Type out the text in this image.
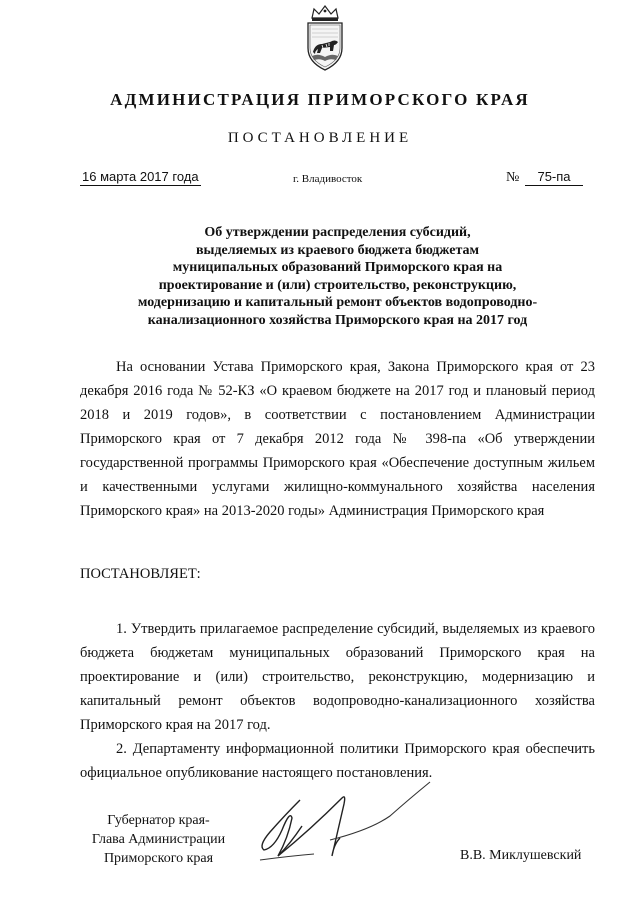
АДМИНИСТРАЦИЯ ПРИМОРСКОГО КРАЯ
ПОСТАНОВЛЕНИЕ
16 марта 2017 года	г. Владивосток	№	75-па
Об утверждении распределения субсидий,
выделяемых из краевого бюджета бюджетам
муниципальных образований Приморского края на
проектирование и (или) строительство, реконструкцию,
модернизацию и капитальный ремонт объектов водопроводно-
канализационного хозяйства Приморского края на 2017 год
На основании Устава Приморского края, Закона Приморского края от 23 декабря 2016 года № 52-КЗ «О краевом бюджете на 2017 год и плановый период 2018 и 2019 годов», в соответствии с постановлением Администрации Приморского края от 7 декабря 2012 года № 398-па «Об утверждении государственной программы Приморского края «Обеспечение доступным жильем и качественными услугами жилищно-коммунального хозяйства населения Приморского края» на 2013-2020 годы» Администрация Приморского края
ПОСТАНОВЛЯЕТ:
1. Утвердить прилагаемое распределение субсидий, выделяемых из краевого бюджета бюджетам муниципальных образований Приморского края на проектирование и (или) строительство, реконструкцию, модернизацию и капитальный ремонт объектов водопроводно-канализационного хозяйства Приморского края на 2017 год.
2. Департаменту информационной политики Приморского края обеспечить официальное опубликование настоящего постановления.
Губернатор края-
Глава Администрации
Приморского края	В.В. Миклушевский
